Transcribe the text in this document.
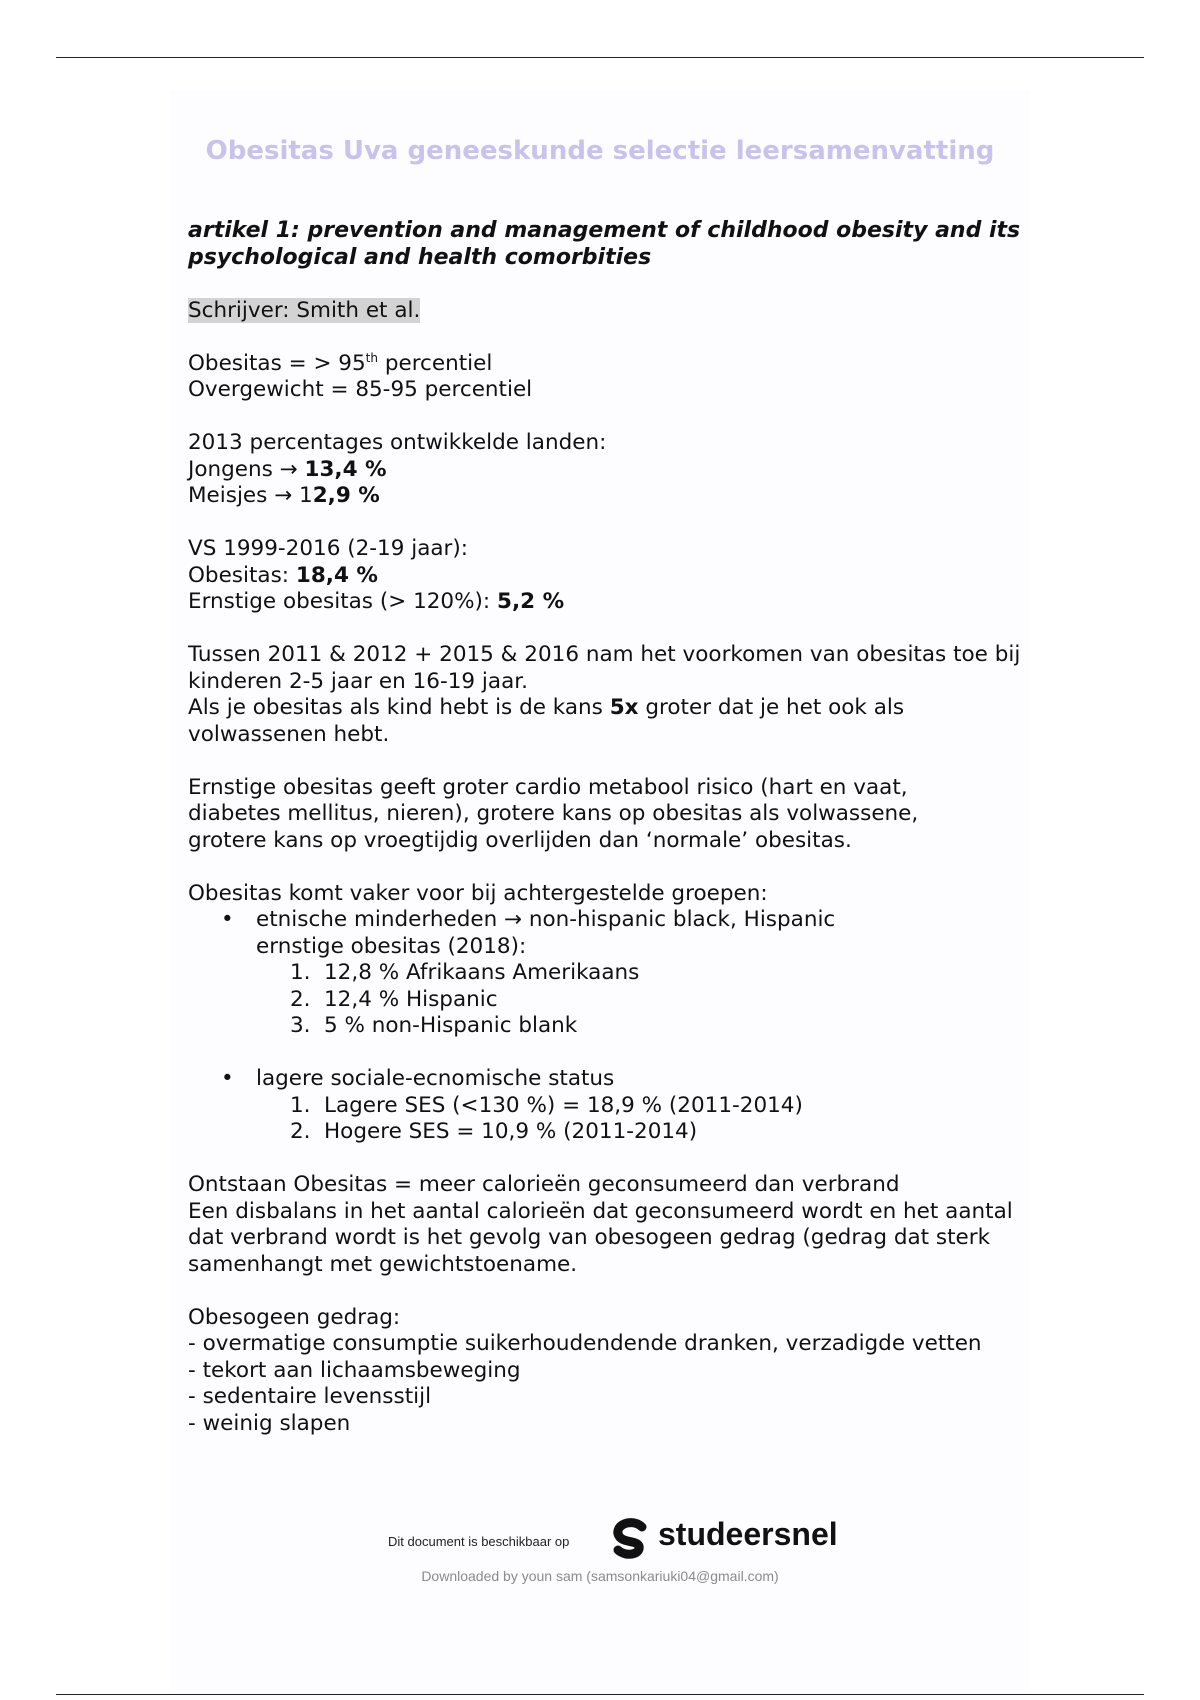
Obesitas Uva geneeskunde selectie leersamenvatting

artikel 1: prevention and management of childhood obesity and its psychological and health comorbities

Schrijver: Smith et al.

Obesitas = > 95th percentiel
Overgewicht = 85-95 percentiel

2013 percentages ontwikkelde landen:
Jongens → 13,4 %
Meisjes → 12,9 %

VS 1999-2016 (2-19 jaar):
Obesitas: 18,4 %
Ernstige obesitas (> 120%): 5,2 %

Tussen 2011 & 2012 + 2015 & 2016 nam het voorkomen van obesitas toe bij kinderen 2-5 jaar en 16-19 jaar.
Als je obesitas als kind hebt is de kans 5x groter dat je het ook als volwassenen hebt.

Ernstige obesitas geeft groter cardio metabool risico (hart en vaat, diabetes mellitus, nieren), grotere kans op obesitas als volwassene, grotere kans op vroegtijdig overlijden dan ‘normale’ obesitas.

Obesitas komt vaker voor bij achtergestelde groepen:

• etnische minderheden → non-hispanic black, Hispanic
ernstige obesitas (2018):
1. 12,8 % Afrikaans Amerikaans
2. 12,4 % Hispanic
3. 5 % non-Hispanic blank
• lagere sociale-ecnomische status
1. Lagere SES (<130 %) = 18,9 % (2011-2014)
2. Hogere SES = 10,9 % (2011-2014)

Ontstaan Obesitas = meer calorieën geconsumeerd dan verbrand
Een disbalans in het aantal calorieën dat geconsumeerd wordt en het aantal dat verbrand wordt is het gevolg van obesogeen gedrag (gedrag dat sterk samenhangt met gewichtstoename.

Obesogeen gedrag:
- overmatige consumptie suikerhoudendende dranken, verzadigde vetten
- tekort aan lichaamsbeweging
- sedentaire levensstijl
- weinig slapen

Dit document is beschikbaar op	studeersnel
Downloaded by youn sam (samsonkariuki04@gmail.com)
